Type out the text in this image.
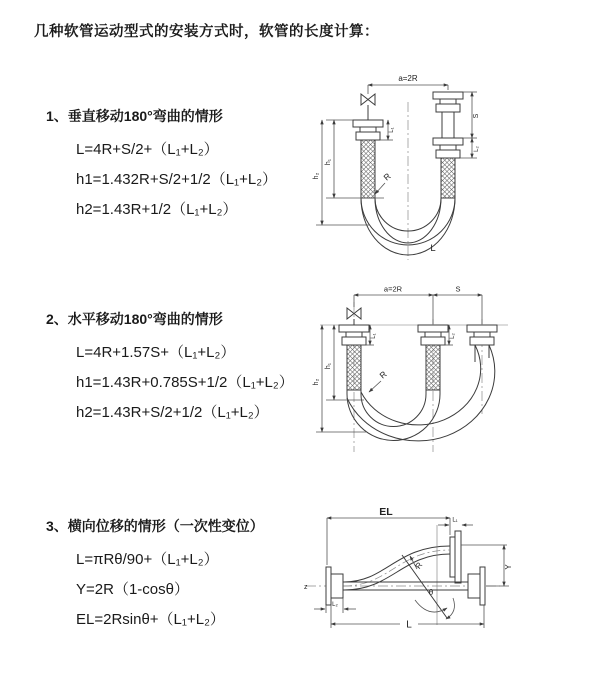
几种软管运动型式的安装方式时，软管的长度计算：
1、垂直移动180°弯曲的情形
L=4R+S/2+（L₁+L₂）
h1=1.432R+S/2+1/2（L₁+L₂）
h2=1.43R+1/2（L₁+L₂）
a=2R
h₁
h₂
L₁
S
L₂
R
L
2、水平移动180°弯曲的情形
L=4R+1.57S+（L₁+L₂）
h1=1.43R+0.785S+1/2（L₁+L₂）
h2=1.43R+S/2+1/2（L₁+L₂）
a=2R	S
h₁
h₂
L₁	L₂
R
3、横向位移的情形（一次性变位）
L=πRθ/90+（L₁+L₂）
Y=2R（1-cosθ）
EL=2Rsinθ+（L₁+L₂）
z
EL
L₁
Y
R
θ
L₂
L
